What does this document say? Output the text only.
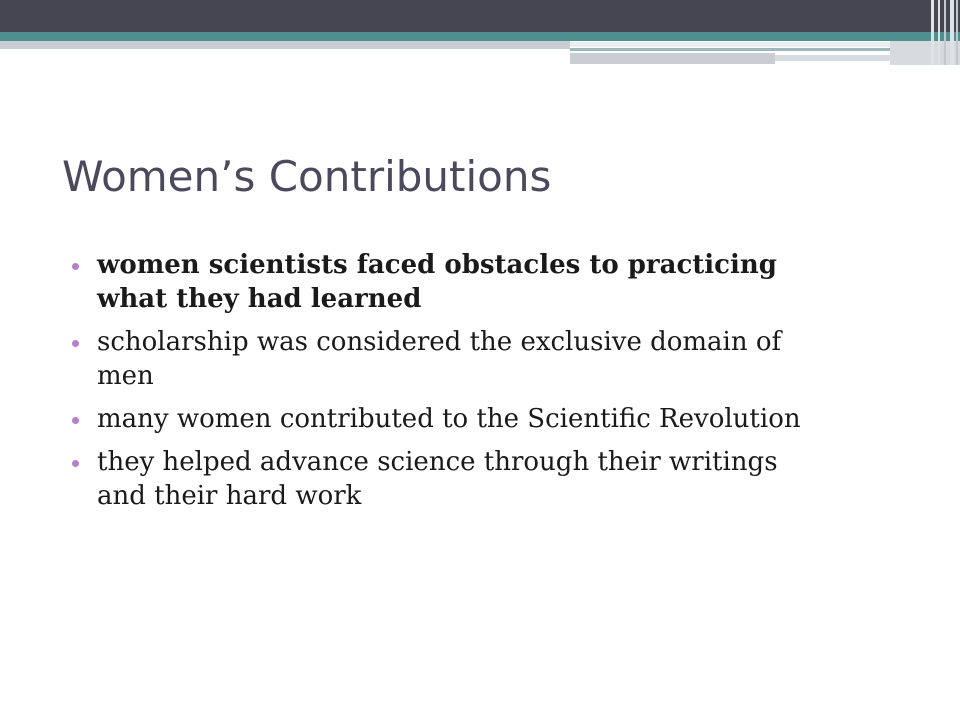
Women’s Contributions
women scientists faced obstacles to practicing what they had learned
scholarship was considered the exclusive domain of men
many women contributed to the Scientific Revolution
they helped advance science through their writings and their hard work
